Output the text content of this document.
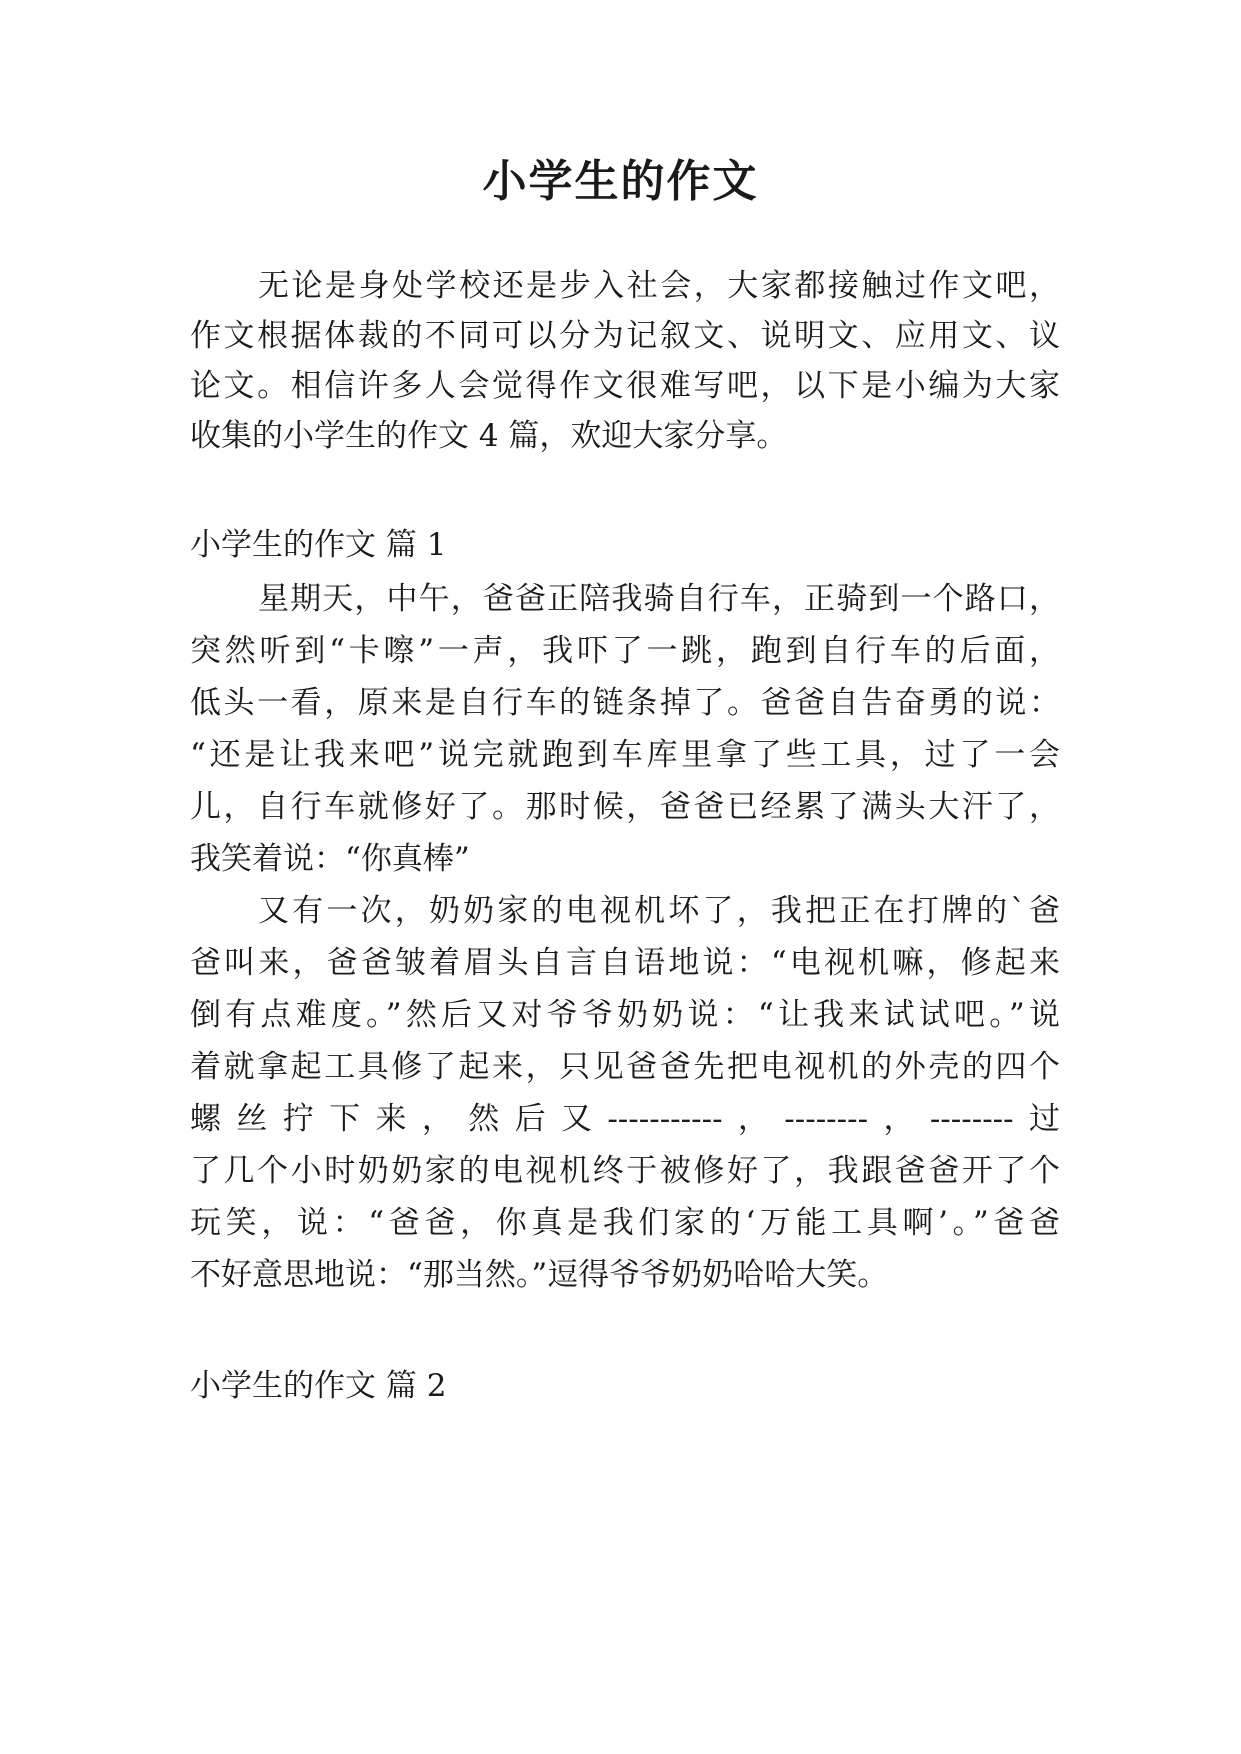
小学生的作文
无论是身处学校还是步入社会，大家都接触过作文吧，
作文根据体裁的不同可以分为记叙文、说明文、应用文、议
论文。相信许多人会觉得作文很难写吧，以下是小编为大家
收集的小学生的作文 4 篇，欢迎大家分享。
小学生的作文 篇 1
星期天，中午，爸爸正陪我骑自行车，正骑到一个路口，
突然听到“卡嚓”一声，我吓了一跳，跑到自行车的后面，
低头一看，原来是自行车的链条掉了。爸爸自告奋勇的说：
“还是让我来吧”说完就跑到车库里拿了些工具，过了一会
儿，自行车就修好了。那时候，爸爸已经累了满头大汗了，
我笑着说：“你真棒”
又有一次，奶奶家的电视机坏了，我把正在打牌的`爸
爸叫来，爸爸皱着眉头自言自语地说：“电视机嘛，修起来
倒有点难度。”然后又对爷爷奶奶说：“让我来试试吧。”说
着就拿起工具修了起来，只见爸爸先把电视机的外壳的四个
螺丝拧下来，然后又-----------，--------，--------过
了几个小时奶奶家的电视机终于被修好了，我跟爸爸开了个
玩笑，说：“爸爸，你真是我们家的‘万能工具啊’。”爸爸
不好意思地说：“那当然。”逗得爷爷奶奶哈哈大笑。
小学生的作文 篇 2
